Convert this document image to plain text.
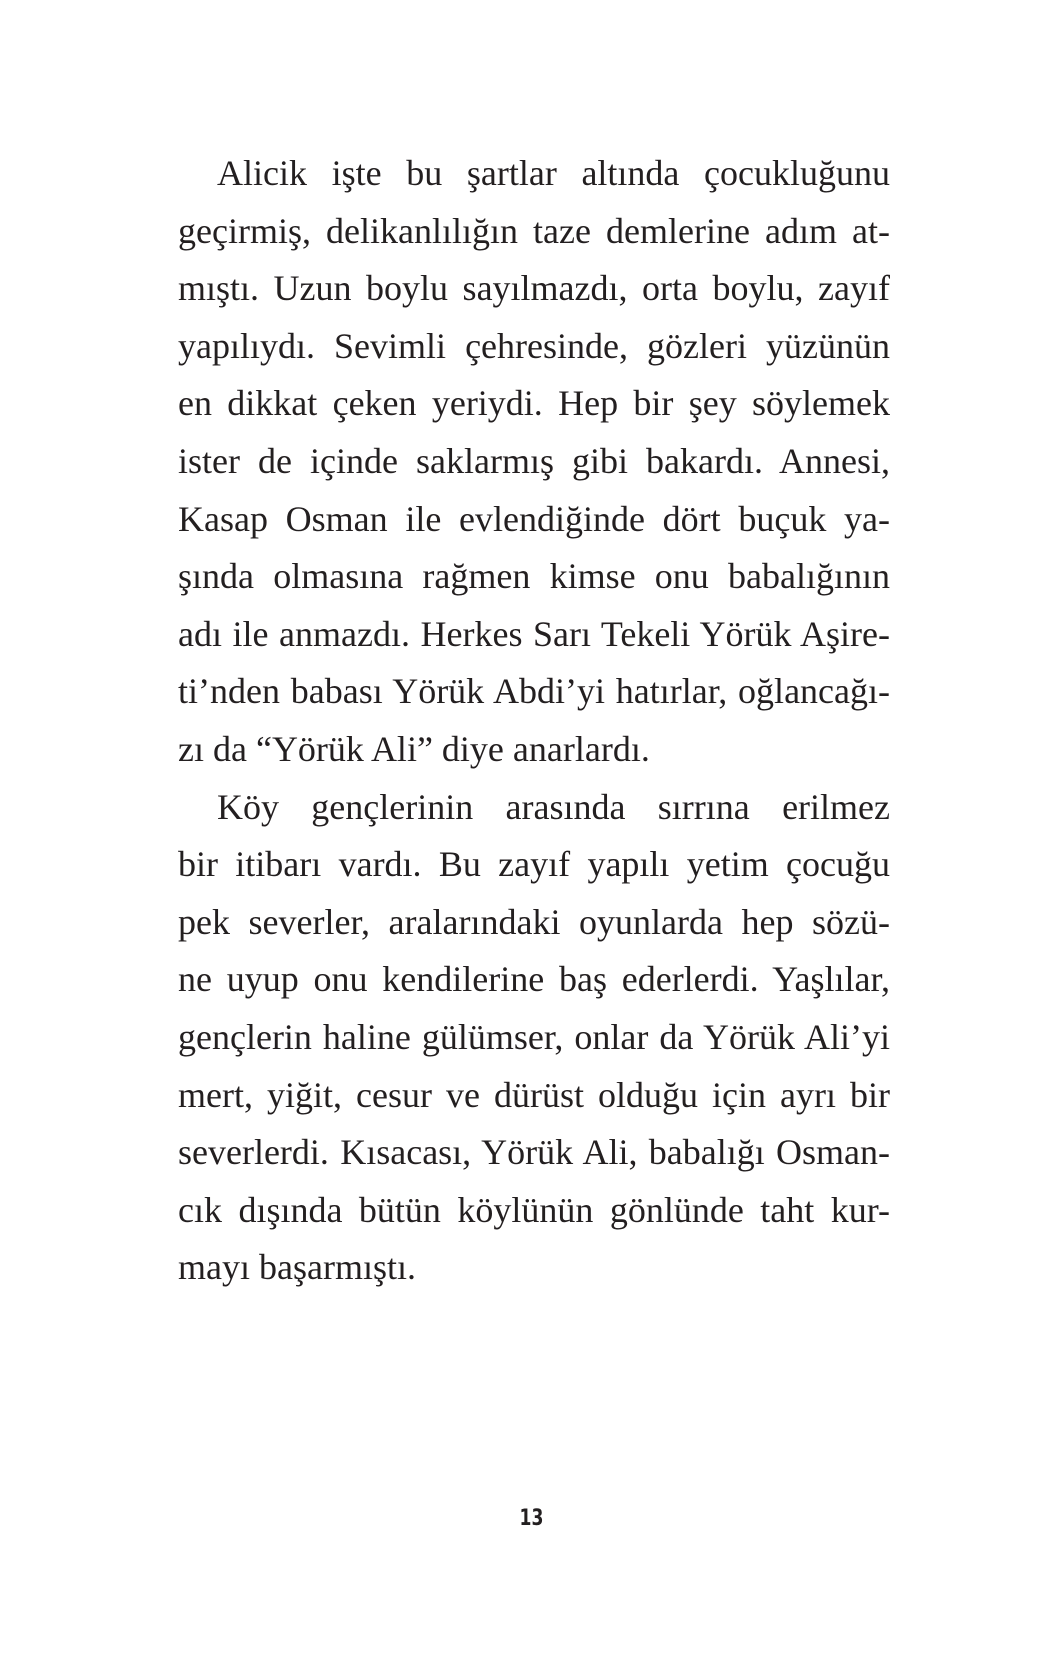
Alicik işte bu şartlar altında çocukluğunu
geçirmiş, delikanlılığın taze demlerine adım at-
mıştı. Uzun boylu sayılmazdı, orta boylu, zayıf
yapılıydı. Sevimli çehresinde, gözleri yüzünün
en dikkat çeken yeriydi. Hep bir şey söylemek
ister de içinde saklarmış gibi bakardı. Annesi,
Kasap Osman ile evlendiğinde dört buçuk ya-
şında olmasına rağmen kimse onu babalığının
adı ile anmazdı. Herkes Sarı Tekeli Yörük Aşire-
ti’nden babası Yörük Abdi’yi hatırlar, oğlancağı-
zı da “Yörük Ali” diye anarlardı.
Köy gençlerinin arasında sırrına erilmez
bir itibarı vardı. Bu zayıf yapılı yetim çocuğu
pek severler, aralarındaki oyunlarda hep sözü-
ne uyup onu kendilerine baş ederlerdi. Yaşlılar,
gençlerin haline gülümser, onlar da Yörük Ali’yi
mert, yiğit, cesur ve dürüst olduğu için ayrı bir
severlerdi. Kısacası, Yörük Ali, babalığı Osman-
cık dışında bütün köylünün gönlünde taht kur-
mayı başarmıştı.
13
